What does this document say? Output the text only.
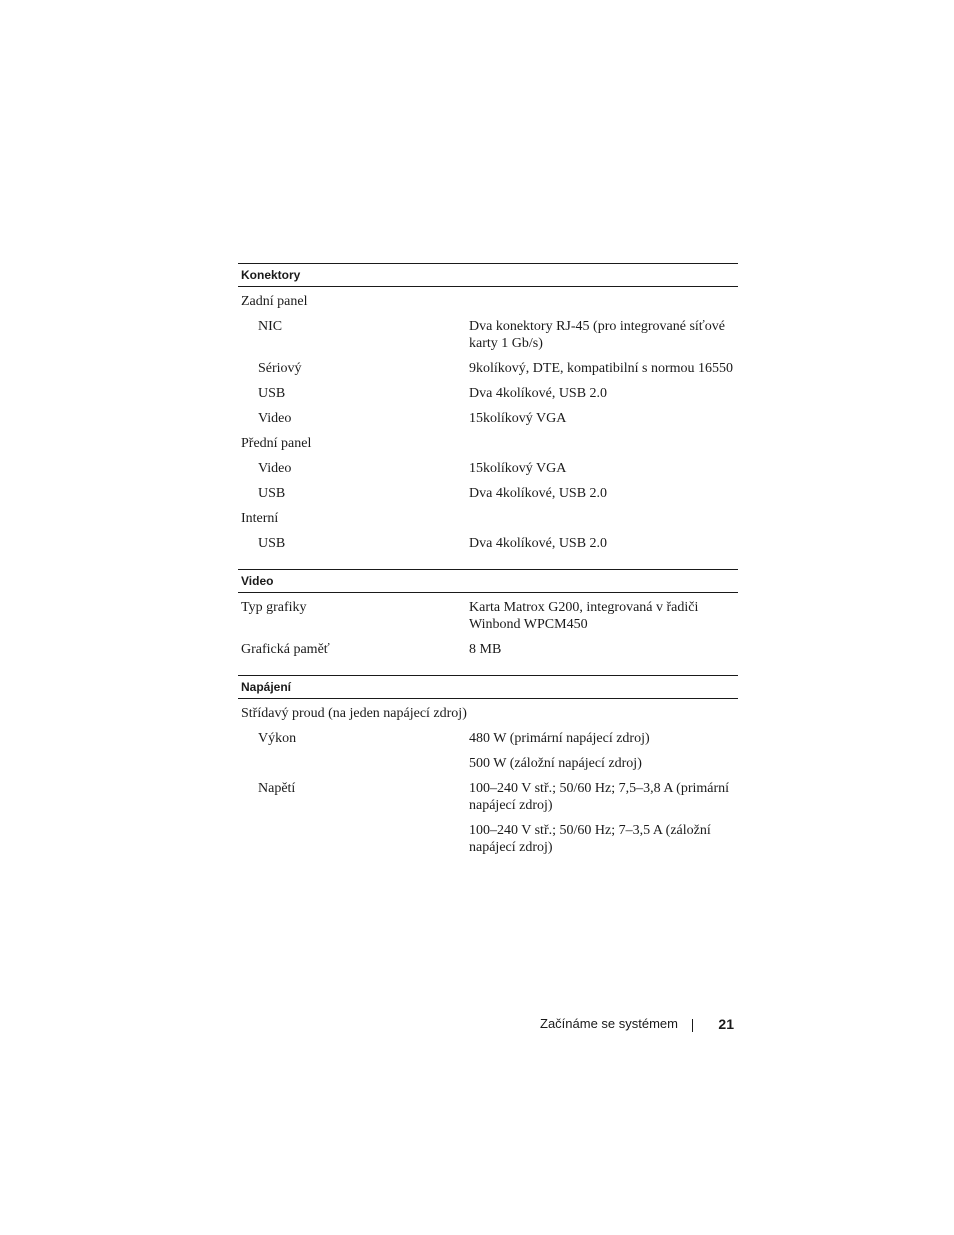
Konektory
Zadní panel
NIC	Dva konektory RJ-45 (pro integrované síťové karty 1 Gb/s)
Sériový	9kolíkový, DTE, kompatibilní s normou 16550
USB	Dva 4kolíkové, USB 2.0
Video	15kolíkový VGA
Přední panel
Video	15kolíkový VGA
USB	Dva 4kolíkové, USB 2.0
Interní
USB	Dva 4kolíkové, USB 2.0
Video
Typ grafiky	Karta Matrox G200, integrovaná v řadiči Winbond WPCM450
Grafická paměť	8 MB
Napájení
Střídavý proud (na jeden napájecí zdroj)
Výkon	480 W (primární napájecí zdroj)
500 W (záložní napájecí zdroj)
Napětí	100–240 V stř.; 50/60 Hz; 7,5–3,8 A (primární napájecí zdroj)
100–240 V stř.; 50/60 Hz; 7–3,5 A (záložní napájecí zdroj)
Začínáme se systémem	21
